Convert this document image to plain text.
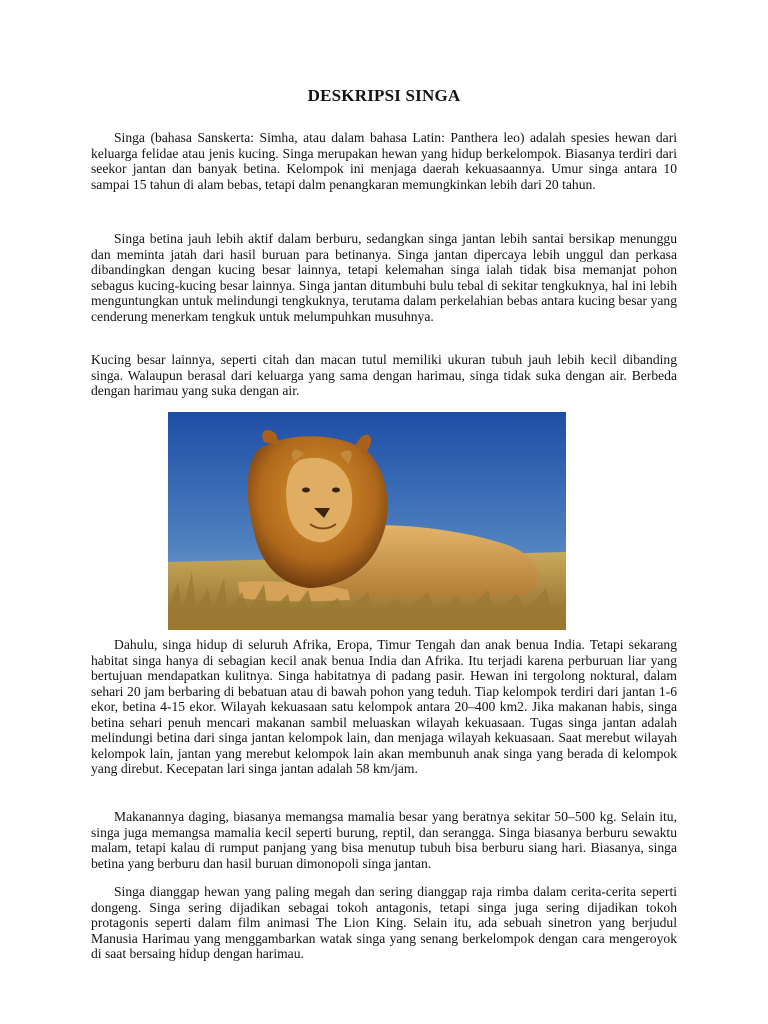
DESKRIPSI SINGA

Singa (bahasa Sanskerta: Simha, atau dalam bahasa Latin: Panthera leo) adalah spesies hewan dari keluarga felidae atau jenis kucing. Singa merupakan hewan yang hidup berkelompok. Biasanya terdiri dari seekor jantan dan banyak betina. Kelompok ini menjaga daerah kekuasaannya. Umur singa antara 10 sampai 15 tahun di alam bebas, tetapi dalm penangkaran memungkinkan lebih dari 20 tahun.

Singa betina jauh lebih aktif dalam berburu, sedangkan singa jantan lebih santai bersikap menunggu dan meminta jatah dari hasil buruan para betinanya. Singa jantan dipercaya lebih unggul dan perkasa dibandingkan dengan kucing besar lainnya, tetapi kelemahan singa ialah tidak bisa memanjat pohon sebagus kucing-kucing besar lainnya. Singa jantan ditumbuhi bulu tebal di sekitar tengkuknya, hal ini lebih menguntungkan untuk melindungi tengkuknya, terutama dalam perkelahian bebas antara kucing besar yang cenderung menerkam tengkuk untuk melumpuhkan musuhnya.

Kucing besar lainnya, seperti citah dan macan tutul memiliki ukuran tubuh jauh lebih kecil dibanding singa. Walaupun berasal dari keluarga yang sama dengan harimau, singa tidak suka dengan air. Berbeda dengan harimau yang suka dengan air.

Dahulu, singa hidup di seluruh Afrika, Eropa, Timur Tengah dan anak benua India. Tetapi sekarang habitat singa hanya di sebagian kecil anak benua India dan Afrika. Itu terjadi karena perburuan liar yang bertujuan mendapatkan kulitnya. Singa habitatnya di padang pasir. Hewan ini tergolong noktural, dalam sehari 20 jam berbaring di bebatuan atau di bawah pohon yang teduh. Tiap kelompok terdiri dari jantan 1-6 ekor, betina 4-15 ekor. Wilayah kekuasaan satu kelompok antara 20–400 km2. Jika makanan habis, singa betina sehari penuh mencari makanan sambil meluaskan wilayah kekuasaan. Tugas singa jantan adalah melindungi betina dari singa jantan kelompok lain, dan menjaga wilayah kekuasaan. Saat merebut wilayah kelompok lain, jantan yang merebut kelompok lain akan membunuh anak singa yang berada di kelompok yang direbut. Kecepatan lari singa jantan adalah 58 km/jam.

Makanannya daging, biasanya memangsa mamalia besar yang beratnya sekitar 50–500 kg. Selain itu, singa juga memangsa mamalia kecil seperti burung, reptil, dan serangga. Singa biasanya berburu sewaktu malam, tetapi kalau di rumput panjang yang bisa menutup tubuh bisa berburu siang hari. Biasanya, singa betina yang berburu dan hasil buruan dimonopoli singa jantan.

Singa dianggap hewan yang paling megah dan sering dianggap raja rimba dalam cerita-cerita seperti dongeng. Singa sering dijadikan sebagai tokoh antagonis, tetapi singa juga sering dijadikan tokoh protagonis seperti dalam film animasi The Lion King. Selain itu, ada sebuah sinetron yang berjudul Manusia Harimau yang menggambarkan watak singa yang senang berkelompok dengan cara mengeroyok di saat bersaing hidup dengan harimau.
